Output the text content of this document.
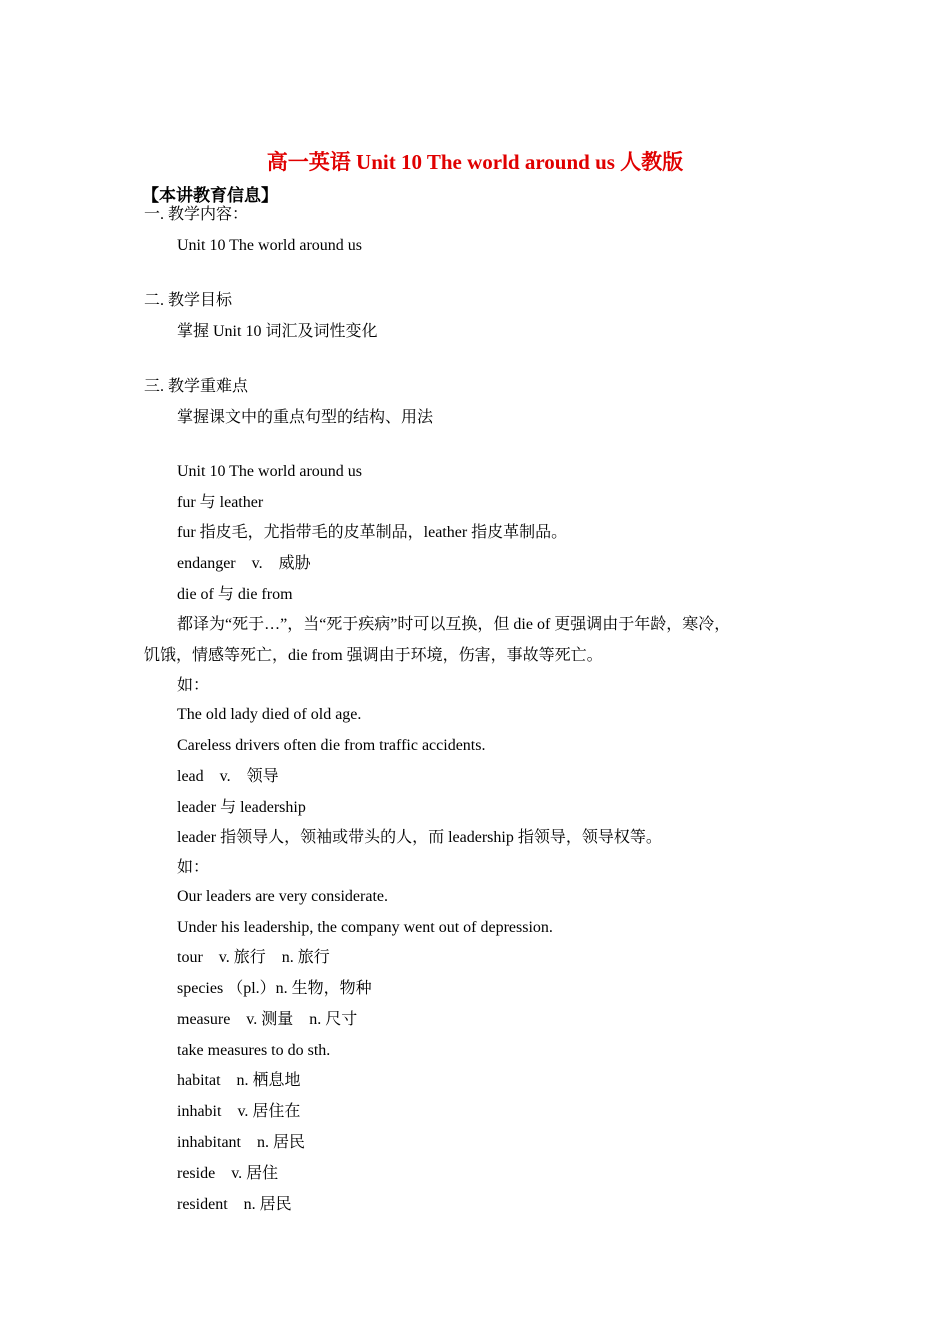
高一英语 Unit 10 The world around us 人教版
【本讲教育信息】
一. 教学内容：
Unit 10 The world around us
二. 教学目标
掌握 Unit 10 词汇及词性变化
三. 教学重难点
掌握课文中的重点句型的结构、用法
Unit 10 The world around us
fur 与 leather
fur 指皮毛，尤指带毛的皮革制品，leather 指皮革制品。
endanger　v.　威胁
die of 与 die from
都译为“死于…”，当“死于疾病”时可以互换，但 die of 更强调由于年龄，寒冷，
饥饿，情感等死亡，die from 强调由于环境，伤害，事故等死亡。
如：
The old lady died of old age.
Careless drivers often die from traffic accidents.
lead　v.　领导
leader 与 leadership
leader 指领导人，领袖或带头的人，而 leadership 指领导，领导权等。
如：
Our leaders are very considerate.
Under his leadership, the company went out of depression.
tour　v. 旅行　n. 旅行
species （pl.）n. 生物，物种
measure　v. 测量　n. 尺寸
take measures to do sth.
habitat　n. 栖息地
inhabit　v. 居住在
inhabitant　n. 居民
reside　v. 居住
resident　n. 居民
